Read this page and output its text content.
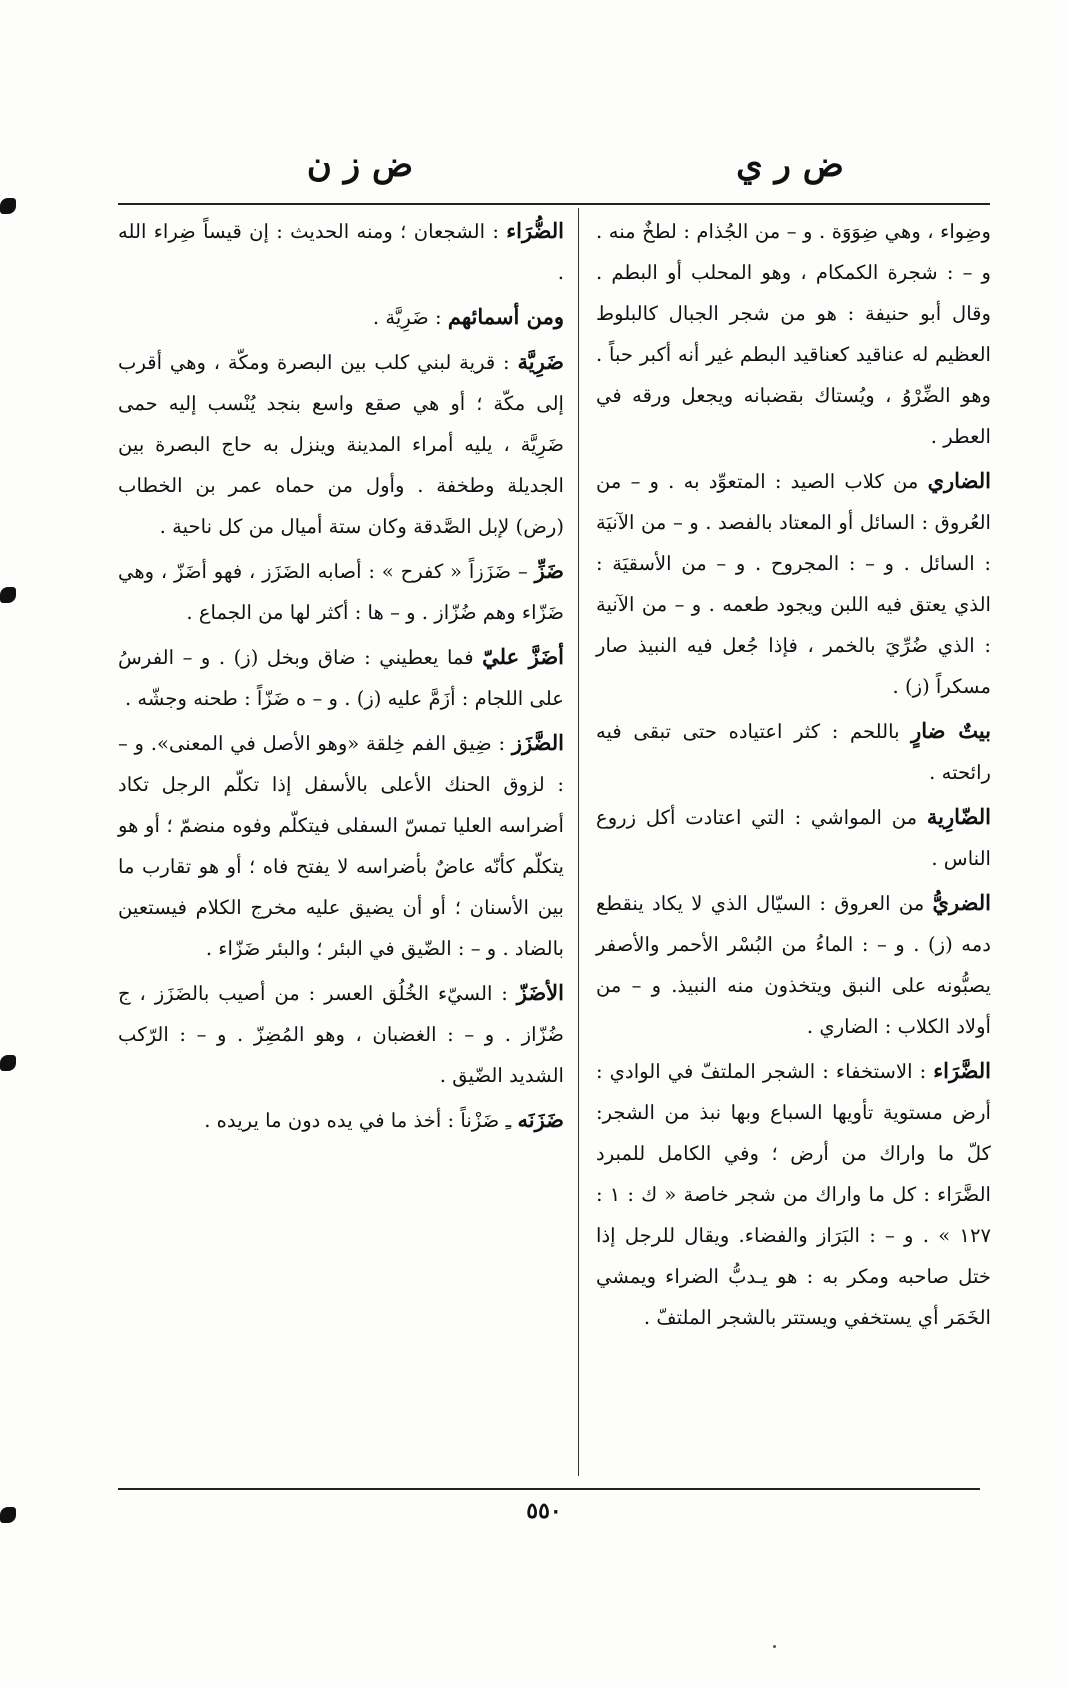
ض ر ي
ض ز ن

وضِواء ، وهي ضِوَوَة . و – من الجُذام : لطخٌ منه . و – : شجرة الكمكام ، وهو المحلب أو البطم . وقال أبو حنيفة : هو من شجر الجبال كالبلوط العظيم له عناقيد كعناقيد البطم غير أنه أكبر حباً . وهو الضِّرْوُ ، ويُستاك بقضبانه ويجعل ورقه في العطر .

الضاري من كلاب الصيد : المتعوِّد به . و – من العُروق : السائل أو المعتاد بالفصد . و – من الآنيَة : السائل . و – : المجروح . و – من الأسقيَة : الذي يعتق فيه اللبن ويجود طعمه . و – من الآنية : الذي ضُرِّيَ بالخمر ، فإذا جُعل فيه النبيذ صار مسكراً (ز) .

بيتٌ ضارٍ باللحم : كثر اعتياده حتى تبقى فيه رائحته .

الضّارِية من المواشي : التي اعتادت أكل زروع الناس .

الضريُّ من العروق : السيّال الذي لا يكاد ينقطع دمه (ز) . و – : الماءُ من البُسْر الأحمر والأصفر يصبُّونه على النبق ويتخذون منه النبيذ. و – من أولاد الكلاب : الضاري .

الضَّرَاء : الاستخفاء : الشجر الملتفّ في الوادي : أرض مستوية تأويها السباع وبها نبذ من الشجر: كلّ ما واراك من أرض ؛ وفي الكامل للمبرد الضَّرَاء : كل ما واراك من شجر خاصة « ك : ١ : ١٢٧ » . و – : البَرَاز والفضاء. ويقال للرجل إذا ختل صاحبه ومكر به : هو يـدبُّ الضراء ويمشي الخَمَر أي يستخفي ويستتر بالشجر الملتفّ .

الضُّرَاء : الشجعان ؛ ومنه الحديث : إن قيساً ضِراء الله .

ومن أسمائهم : ضَرِيَّة .

ضَرِيَّة : قرية لبني كلب بين البصرة ومكّة ، وهي أقرب إلى مكّة ؛ أو هي صقع واسع بنجد يُنْسب إليه حمى ضَرِيَّة ، يليه أمراء المدينة وينزل به حاج البصرة بين الجديلة وطخفة . وأول من حماه عمر بن الخطاب (رض) لإبل الصَّدقة وكان ستة أميال من كل ناحية .

ضَزِّ – ضَزَزاً « كفرح » : أصابه الضَزَز ، فهو أضَزّ ، وهي ضَزّاء وهم ضُزّاز . و – ها : أكثر لها من الجماع .

أضَزَّ عليّ فما يعطيني : ضاق وبخل (ز) . و – الفرسُ على اللجام : أزَمَّ عليه (ز) . و – ه ضَزّاً : طحنه وجشّه .

الضَّزَز : ضِيق الفم خِلقة «وهو الأصل في المعنى». و – : لزوق الحنك الأعلى بالأسفل إذا تكلّم الرجل تكاد أضراسه العليا تمسّ السفلى فيتكلّم وفوه منضمّ ؛ أو هو يتكلّم كأنّه عاضٌ بأضراسه لا يفتح فاه ؛ أو هو تقارب ما بين الأسنان ؛ أو أن يضيق عليه مخرج الكلام فيستعين بالضاد . و – : الضّيق في البئر ؛ والبئر ضَزّاء .

الأضَزّ : السيّء الخُلُق العسر : من أصيب بالضَزَز ، ج ضُزّاز . و – : الغضبان ، وهو المُضِزّ . و – : الرّكب الشديد الضّيق .

ضَزَنَه ـِ ضَزْناً : أخذ ما في يده دون ما يريده .

٥٥٠
